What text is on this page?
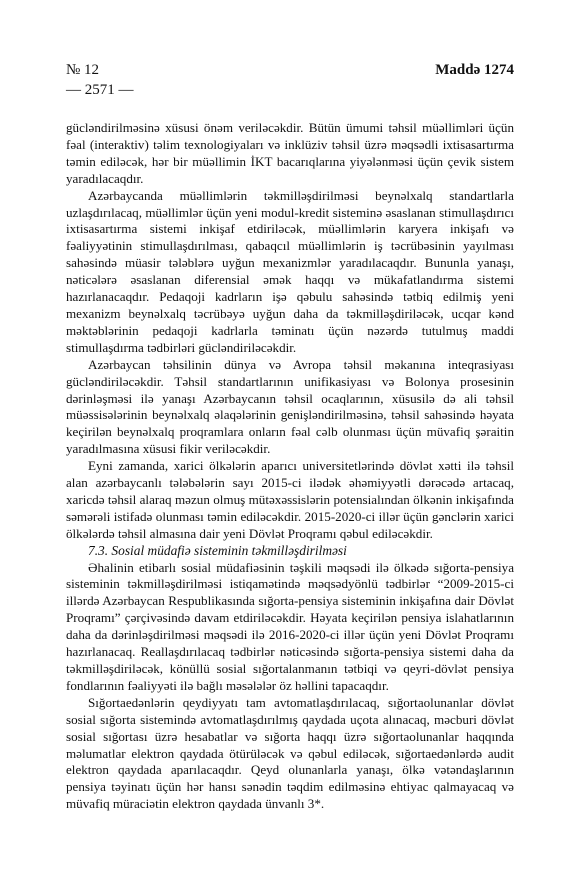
№ 12	Maddə 1274
— 2571 —

gücləndirilməsinə xüsusi önəm veriləcəkdir. Bütün ümumi təhsil müəllimləri üçün fəal (interaktiv) təlim texnologiyaları və inklüziv təhsil üzrə məqsədli ixtisasartırma təmin ediləcək, hər bir müəllimin İKT bacarıqlarına yiyələnməsi üçün çevik sistem yaradılacaqdır.

Azərbaycanda müəllimlərin təkmilləşdirilməsi beynəlxalq standartlarla uzlaşdırılacaq, müəllimlər üçün yeni modul-kredit sisteminə əsaslanan stimullaşdırıcı ixtisasartırma sistemi inkişaf etdiriləcək, müəllimlərin karyera inkişafı və fəaliyyətinin stimullaşdırılması, qabaqcıl müəllimlərin iş təcrübəsinin yayılması sahəsində müasir tələblərə uyğun mexanizmlər yaradılacaqdır. Bununla yanaşı, nəticələrə əsaslanan diferensial əmək haqqı və mükafatlandırma sistemi hazırlanacaqdır. Pedaqoji kadrların işə qəbulu sahəsində tətbiq edilmiş yeni mexanizm beynəlxalq təcrübəyə uyğun daha da təkmilləşdiriləcək, ucqar kənd məktəblərinin pedaqoji kadrlarla təminatı üçün nəzərdə tutulmuş maddi stimullaşdırma tədbirləri gücləndiriləcəkdir.

Azərbaycan təhsilinin dünya və Avropa təhsil məkanına inteqrasiyası gücləndiriləcəkdir. Təhsil standartlarının unifikasiyası və Bolonya prosesinin dərinləşməsi ilə yanaşı Azərbaycanın təhsil ocaqlarının, xüsusilə də ali təhsil müəssisələrinin beynəlxalq əlaqələrinin genişləndirilməsinə, təhsil sahəsində həyata keçirilən beynəlxalq proqramlara onların fəal cəlb olunması üçün müvafiq şəraitin yaradılmasına xüsusi fikir veriləcəkdir.

Eyni zamanda, xarici ölkələrin aparıcı universitetlərində dövlət xətti ilə təhsil alan azərbaycanlı tələbələrin sayı 2015-ci ilədək əhəmiyyətli dərəcədə artacaq, xaricdə təhsil alaraq məzun olmuş mütəxəssislərin potensialından ölkənin inkişafında səmərəli istifadə olunması təmin ediləcəkdir. 2015-2020-ci illər üçün gənclərin xarici ölkələrdə təhsil almasına dair yeni Dövlət Proqramı qəbul ediləcəkdir.

7.3. Sosial müdafiə sisteminin təkmilləşdirilməsi

Əhalinin etibarlı sosial müdafiəsinin təşkili məqsədi ilə ölkədə sığorta-pensiya sisteminin təkmilləşdirilməsi istiqamətində məqsədyönlü tədbirlər “2009-2015-ci illərdə Azərbaycan Respublikasında sığorta-pensiya sisteminin inkişafına dair Dövlət Proqramı” çərçivəsində davam etdiriləcəkdir. Həyata keçirilən pensiya islahatlarının daha da dərinləşdirilməsi məqsədi ilə 2016-2020-ci illər üçün yeni Dövlət Proqramı hazırlanacaq. Reallaşdırılacaq tədbirlər nəticəsində sığorta-pensiya sistemi daha da təkmilləşdiriləcək, könüllü sosial sığortalanmanın tətbiqi və qeyri-dövlət pensiya fondlarının fəaliyyəti ilə bağlı məsələlər öz həllini tapacaqdır.

Sığortaedənlərin qeydiyyatı tam avtomatlaşdırılacaq, sığortaolunanlar dövlət sosial sığorta sistemində avtomatlaşdırılmış qaydada uçota alınacaq, məcburi dövlət sosial sığortası üzrə hesabatlar və sığorta haqqı üzrə sığortaolunanlar haqqında məlumatlar elektron qaydada ötürüləcək və qəbul ediləcək, sığortaedənlərdə audit elektron qaydada aparılacaqdır. Qeyd olunanlarla yanaşı, ölkə vətəndaşlarının pensiya təyinatı üçün hər hansı sənədin təqdim edilməsinə ehtiyac qalmayacaq və müvafiq müraciətin elektron qaydada ünvanlı 3*.
